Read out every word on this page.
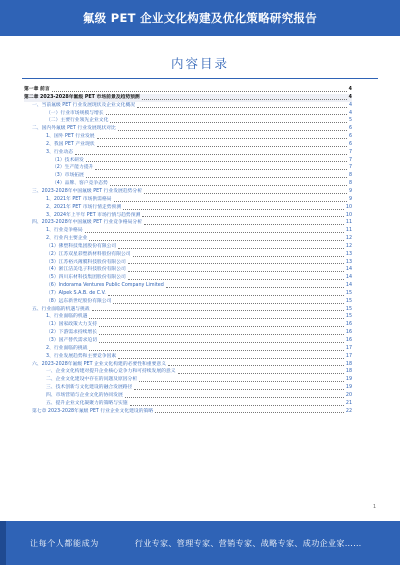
氟级 PET 企业文化构建及优化策略研究报告
内容目录
第一章 前言	4
第二章 2023-2028年氟级 PET 市场前景及趋势预测	4
一、当前氟级 PET 行业发展现状及企业文化概况	4
（一）行业市场规模与增长	4
（二）主要行业领先企业文化	5
二、国内外氟级 PET 行业发展现状对比	6
1、国外 PET 行业发展	6
2、我国 PET 产业现状	6
3、行业动态	7
（1）技术研发	7
（2）生产能力提升	7
（3）市场拓展	8
（4）品牌、客户竞争态势	8
三、2023-2028年中国氟级 PET 行业发展趋势分析	9
1、2021年 PET 市场供需格局	9
2、2021年 PET 市场行情走势预测	10
3、2024年上半年 PET 市场行情与趋势预测	10
四、2023-2028年中国氟级 PET 行业竞争格局分析	11
1、行业竞争格局	11
2、行业内主要企业	12
（1）佛塑科技集团股份有限公司	12
（2）江苏双星彩塑新材料股份有限公司	13
（3）江苏裕兴薄膜科技股份有限公司	13
（4）浙江洁美电子科技股份有限公司	14
（5）四川东材科技集团股份有限公司	14
（6）Indorama Ventures Public Company Limited	14
（7）Alpek S.A.B. de C.V.	15
（8）远东新世纪股份有限公司	15
五、行业面临的机遇与挑战	15
1、行业面临的机遇	15
（1）国家政策大力支持	16
（2）下游需求持续增长	16
（3）国产替代需求迫切	16
2、行业面临的挑战	17
3、行业发展趋势和主要竞争因素	17
六、2023-2028年氟级 PET 企业文化构建的必要性和重要意义	18
一、企业文化构建对提升企业核心竞争力和可持续发展的意义	18
二、企业文化建设中存在的问题及原因分析	19
三、技术创新与文化建设的融合发展路径	19
四、市场营销与企业文化的协同发展	20
五、提升企业文化凝聚力的策略与实施	21
第七章 2023-2028年氟级 PET 行业企业文化建设的策略	22
1
让每个人都能成为	行业专家、管理专家、营销专家、战略专家、成功企业家……
